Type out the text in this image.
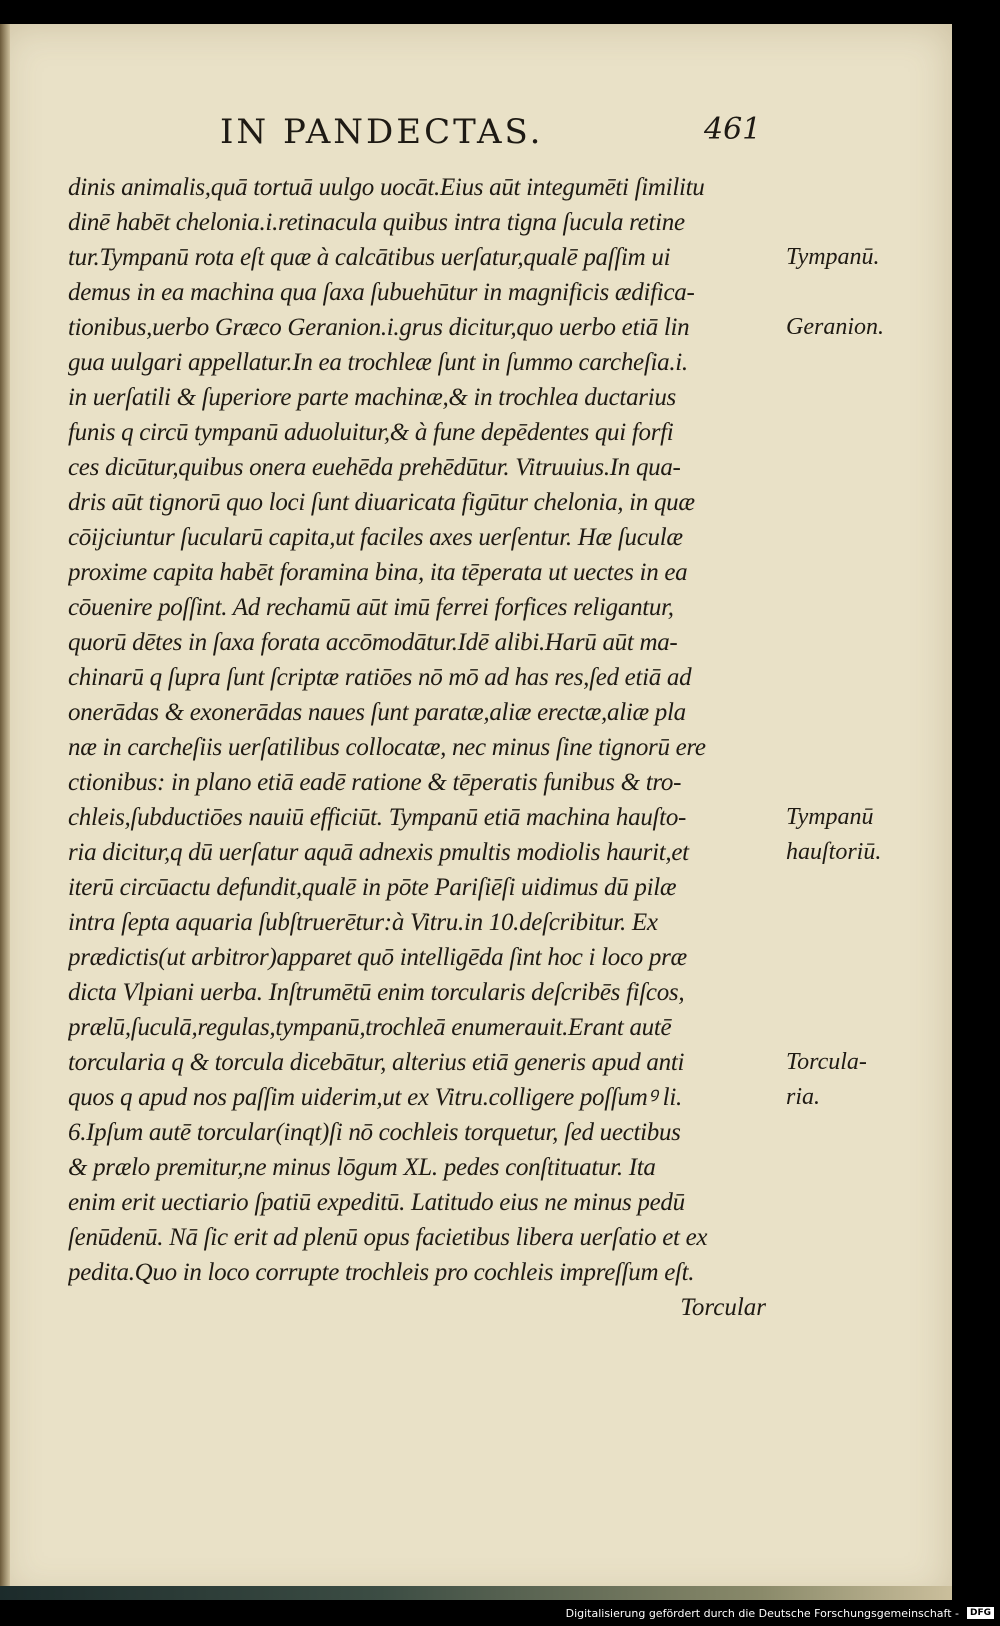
IN PANDECTAS.	461
dinis animalis,quā tortuā uulgo uocāt.Eius aūt integumēti ſimilitu
dinē habēt chelonia.i.retinacula quibus intra tigna ſucula retine
tur.Tympanū rota eſt quæ à calcātibus uerſatur,qualē paſſim ui
demus in ea machina qua ſaxa ſubuehūtur in magnificis ædifica-
tionibus,uerbo Græco Geranion.i.grus dicitur,quo uerbo etiā lin
gua uulgari appellatur.In ea trochleæ ſunt in ſummo carcheſia.i.
in uerſatili & ſuperiore parte machinæ,& in trochlea ductarius
funis q circū tympanū aduoluitur,& à fune depēdentes qui forfi
ces dicūtur,quibus onera euehēda prehēdūtur. Vitruuius.In qua-
dris aūt tignorū quo loci ſunt diuaricata figūtur chelonia, in quæ
cōijciuntur ſucularū capita,ut faciles axes uerſentur. Hæ ſuculæ
proxime capita habēt foramina bina, ita tēperata ut uectes in ea
cōuenire poſſint. Ad rechamū aūt imū ferrei forfices religantur,
quorū dētes in ſaxa forata accōmodātur.Idē alibi.Harū aūt ma-
chinarū q ſupra ſunt ſcriptæ ratiōes nō mō ad has res,ſed etiā ad
onerādas & exonerādas naues ſunt paratæ,aliæ erectæ,aliæ pla
næ in carcheſiis uerſatilibus collocatæ, nec minus ſine tignorū ere
ctionibus: in plano etiā eadē ratione & tēperatis funibus & tro-
chleis,ſubductiōes nauiū efficiūt. Tympanū etiā machina hauſto-
ria dicitur,q dū uerſatur aquā adnexis pmultis modiolis haurit,et
iterū circūactu defundit,qualē in pōte Pariſiēſi uidimus dū pilæ
intra ſepta aquaria ſubſtruerētur:à Vitru.in 10.deſcribitur. Ex
prædictis(ut arbitror)apparet quō intelligēda ſint hoc i loco præ
dicta Vlpiani uerba. Inſtrumētū enim torcularis deſcribēs fiſcos,
prælū,ſuculā,regulas,tympanū,trochleā enumerauit.Erant autē
torcularia q & torcula dicebātur, alterius etiā generis apud anti
quos q apud nos paſſim uiderim,ut ex Vitru.colligere poſſumꝰ li.
6.Ipſum autē torcular(inqt)ſi nō cochleis torquetur, ſed uectibus
& prælo premitur,ne minus lōgum XL. pedes conſtituatur. Ita
enim erit uectiario ſpatiū expeditū. Latitudo eius ne minus pedū
ſenūdenū. Nā ſic erit ad plenū opus facietibus libera uerſatio et ex
pedita.Quo in loco corrupte trochleis pro cochleis impreſſum eſt.
Torcular
Tympanū.
Geranion.
Tympanū
hauſtoriū.
Torcula-
ria.
Digitalisierung gefördert durch die Deutsche Forschungsgemeinschaft - DFG
